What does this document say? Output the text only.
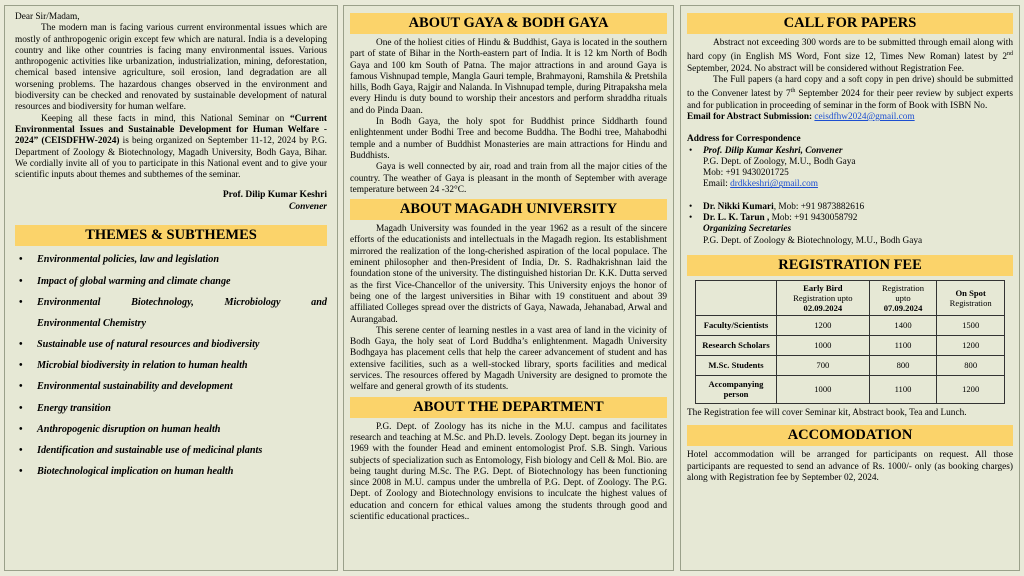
Dear Sir/Madam,

The modern man is facing various current environmental issues which are mostly of anthropogenic origin except few which are natural. India is a developing country and like other countries is facing many environmental issues. Various anthropogenic activities like urbanization, industrialization, mining, deforestation, chemical based intensive agriculture, soil erosion, land degradation are all worsening problems. The hazardous changes observed in the environment and biodiversity can be checked and renovated by sustainable development of natural resources and biodiversity for human welfare.

Keeping all these facts in mind, this National Seminar on “Current Environmental Issues and Sustainable Development for Human Welfare - 2024” (CEISDFHW-2024) is being organized on September 11-12, 2024 by P.G. Department of Zoology & Biotechnology, Magadh University, Bodh Gaya, Bihar. We cordially invite all of you to participate in this National event and to give your scientific inputs about themes and subthemes of the seminar.

Prof. Dilip Kumar Keshri
Convener
THEMES & SUBTHEMES
• Environmental policies, law and legislation
• Impact of global warming and climate change
• Environmental Biotechnology, Microbiology and
Environmental Chemistry
• Sustainable use of natural resources and biodiversity
• Microbial biodiversity in relation to human health
• Environmental sustainability and development
• Energy transition
• Anthropogenic disruption on human health
• Identification and sustainable use of medicinal plants
• Biotechnological implication on human health
ABOUT GAYA & BODH GAYA

One of the holiest cities of Hindu & Buddhist, Gaya is located in the southern part of state of Bihar in the North-eastern part of India. It is 12 km North of Bodh Gaya and 100 km South of Patna. The major attractions in and around Gaya is famous Vishnupad temple, Mangla Gauri temple, Brahmayoni, Ramshila & Pretshila hills, Bodh Gaya, Rajgir and Nalanda. In Vishnupad temple, during Pitrapaksha mela every Hindu is duty bound to worship their ancestors and perform shraddha rituals and do Pinda Daan.

In Bodh Gaya, the holy spot for Buddhist prince Siddharth found enlightenment under Bodhi Tree and become Buddha. The Bodhi tree, Mahabodhi temple and a number of Buddhist Monasteries are main attractions for Hindu and Buddhists.

Gaya is well connected by air, road and train from all the major cities of the country. The weather of Gaya is pleasant in the month of September with average temperature between 24 -32°C.

ABOUT MAGADH UNIVERSITY

Magadh University was founded in the year 1962 as a result of the sincere efforts of the educationists and intellectuals in the Magadh region. Its establishment mirrored the realization of the long-cherished aspiration of the local populace. The eminent philosopher and then-President of India, Dr. S. Radhakrishnan laid the foundation stone of the university. The distinguished historian Dr. K.K. Dutta served as the first Vice-Chancellor of the university. This University enjoys the honor of being one of the largest universities in Bihar with 19 constituent and about 39 affiliated Colleges spread over the districts of Gaya, Nawada, Jehanabad, Arwal and Aurangabad.

This serene center of learning nestles in a vast area of land in the vicinity of Bodh Gaya, the holy seat of Lord Buddha’s enlightenment. Magadh University Bodhgaya has placement cells that help the career advancement of student and has extensive facilities, such as a well-stocked library, sports facilities and medical services. The resources offered by Magadh University are designed to promote the welfare and general growth of its students.

ABOUT THE DEPARTMENT

P.G. Dept. of Zoology has its niche in the M.U. campus and facilitates research and teaching at M.Sc. and Ph.D. levels. Zoology Dept. began its journey in 1969 with the founder Head and eminent entomologist Prof. S.B. Singh. Various subjects of specialization such as Entomology, Fish biology and Cell & Mol. Bio. are being taught during M.Sc. The P.G. Dept. of Biotechnology has been functioning since 2008 in M.U. campus under the umbrella of P.G. Dept. of Zoology. The P.G. Dept. of Zoology and Biotechnology envisions to inculcate the highest values of education and concern for ethical values among the students through good and scientific educational practices..

CALL FOR PAPERS

Abstract not exceeding 300 words are to be submitted through email along with hard copy (in English MS Word, Font size 12, Times New Roman) latest by 2nd September, 2024. No abstract will be considered without Registration Fee.

The Full papers (a hard copy and a soft copy in pen drive) should be submitted to the Convener latest by 7th September 2024 for their peer review by subject experts and for publication in proceeding of seminar in the form of Book with ISBN No.

Email for Abstract Submission: ceisdfhw2024@gmail.com

Address for Correspondence

• Prof. Dilip Kumar Keshri, Convener
P.G. Dept. of Zoology, M.U., Bodh Gaya
Mob: +91 9430201725
Email: drdkkeshri@gmail.com
• Dr. Nikki Kumari, Mob: +91 9873882616
• Dr. L. K. Tarun , Mob: +91 9430058792
Organizing Secretaries
P.G. Dept. of Zoology & Biotechnology, M.U., Bodh Gaya
REGISTRATION FEE
	Early Bird
Registration upto
02.09.2024	Registration
upto
07.09.2024	On Spot
Registration
Faculty/Scientists	1200	1400	1500
Research Scholars	1000	1100	1200
M.Sc. Students	700	800	800
Accompanying person	1000	1100	1200

The Registration fee will cover Seminar kit, Abstract book, Tea and Lunch.

ACCOMODATION

Hotel accommodation will be arranged for participants on request. All those participants are requested to send an advance of Rs. 1000/- only (as booking charges) along with Registration fee by September 02, 2024.
